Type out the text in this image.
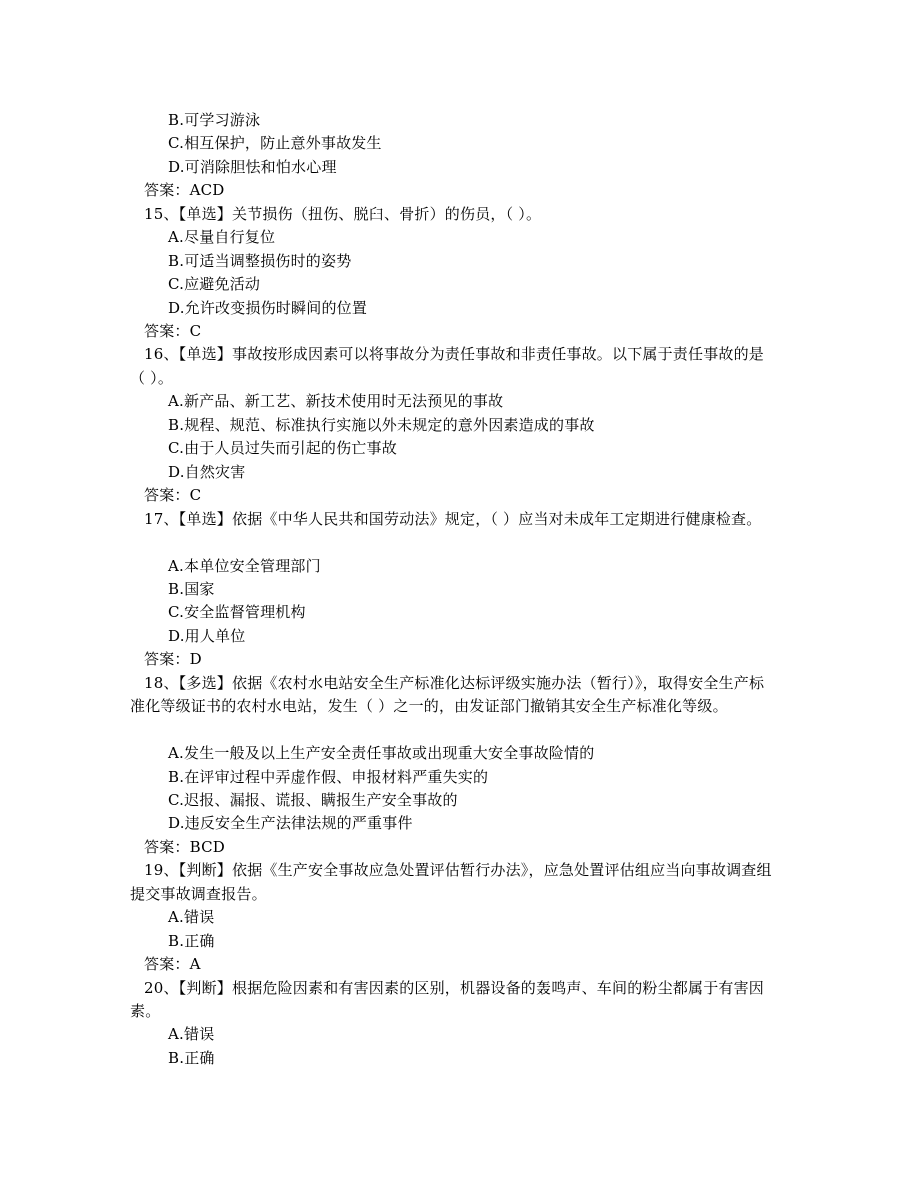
B.可学习游泳
C.相互保护，防止意外事故发生
D.可消除胆怯和怕水心理
答案：ACD
15、【单选】关节损伤（扭伤、脱臼、骨折）的伤员，（ ）。
A.尽量自行复位
B.可适当调整损伤时的姿势
C.应避免活动
D.允许改变损伤时瞬间的位置
答案：C
16、【单选】事故按形成因素可以将事故分为责任事故和非责任事故。以下属于责任事故的是
（ ）。
A.新产品、新工艺、新技术使用时无法预见的事故
B.规程、规范、标准执行实施以外未规定的意外因素造成的事故
C.由于人员过失而引起的伤亡事故
D.自然灾害
答案：C
17、【单选】依据《中华人民共和国劳动法》规定，（ ）应当对未成年工定期进行健康检查。
A.本单位安全管理部门
B.国家
C.安全监督管理机构
D.用人单位
答案：D
18、【多选】依据《农村水电站安全生产标准化达标评级实施办法（暂行）》，取得安全生产标
准化等级证书的农村水电站，发生（ ）之一的，由发证部门撤销其安全生产标准化等级。
A.发生一般及以上生产安全责任事故或出现重大安全事故险情的
B.在评审过程中弄虚作假、申报材料严重失实的
C.迟报、漏报、谎报、瞒报生产安全事故的
D.违反安全生产法律法规的严重事件
答案：BCD
19、【判断】依据《生产安全事故应急处置评估暂行办法》，应急处置评估组应当向事故调查组
提交事故调查报告。
A.错误
B.正确
答案：A
20、【判断】根据危险因素和有害因素的区别，机器设备的轰鸣声、车间的粉尘都属于有害因
素。
A.错误
B.正确
